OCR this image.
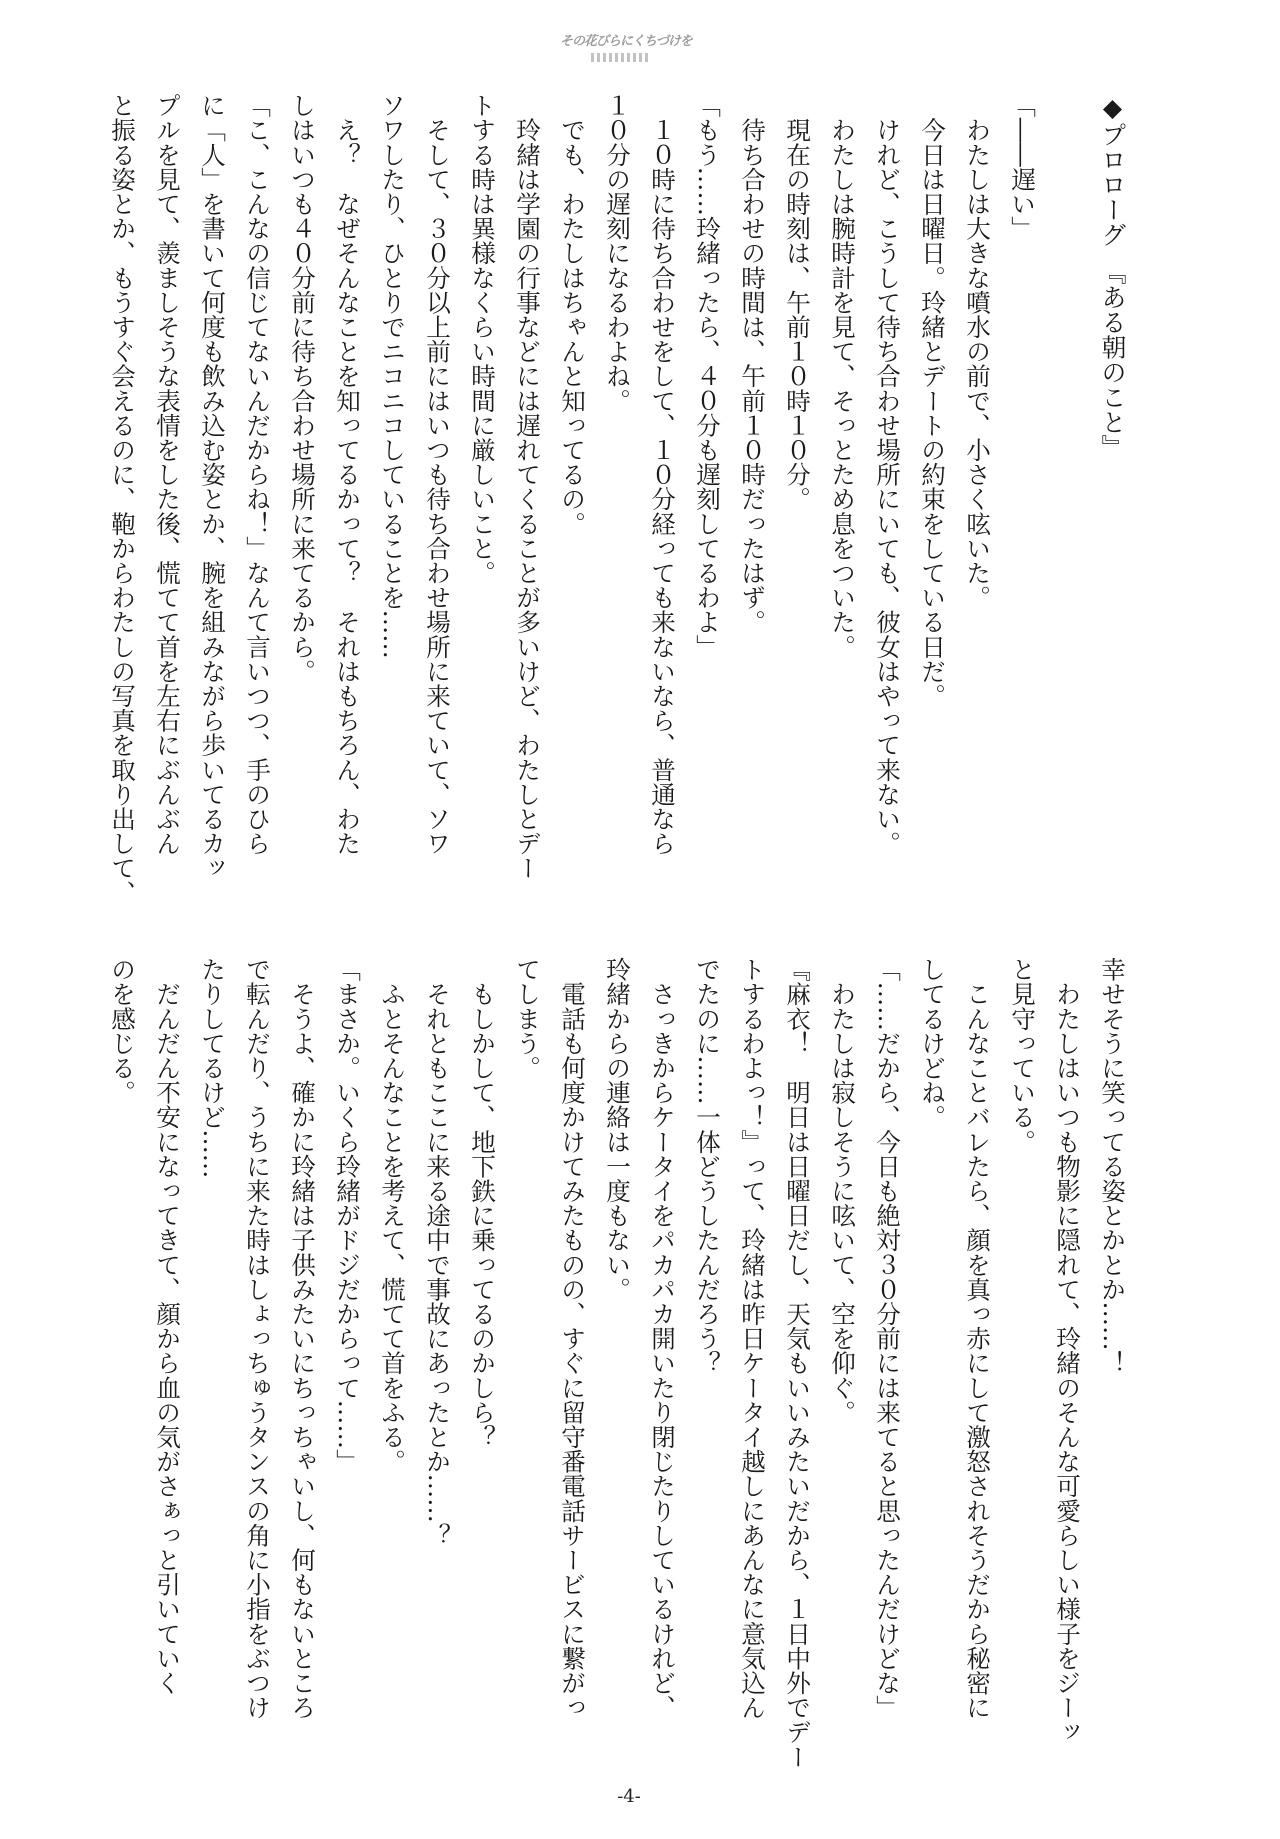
その花びらにくちづけを
◆プロローグ　『ある朝のこと』
「――遅い」
　わたしは大きな噴水の前で、小さく呟いた。
　今日は日曜日。玲緒とデートの約束をしている日だ。
　けれど、こうして待ち合わせ場所にいても、彼女はやって来ない。
　わたしは腕時計を見て、そっとため息をついた。
　現在の時刻は、午前１０時１０分。
　待ち合わせの時間は、午前１０時だったはず。
「もう……玲緒ったら、４０分も遅刻してるわよ」
　１０時に待ち合わせをして、１０分経っても来ないなら、普通なら
１０分の遅刻になるわよね。
　でも、わたしはちゃんと知ってるの。
　玲緒は学園の行事などには遅れてくることが多いけど、わたしとデー
トする時は異様なくらい時間に厳しいこと。
　そして、３０分以上前にはいつも待ち合わせ場所に来ていて、ソワ
ソワしたり、ひとりでニコニコしていることを……
　え？　なぜそんなことを知ってるかって？　それはもちろん、わた
しはいつも４０分前に待ち合わせ場所に来てるから。
「こ、こんなの信じてないんだからね！」なんて言いつつ、手のひら
に「人」を書いて何度も飲み込む姿とか、腕を組みながら歩いてるカッ
プルを見て、羨ましそうな表情をした後、慌てて首を左右にぶんぶん
と振る姿とか、もうすぐ会えるのに、鞄からわたしの写真を取り出して、
幸せそうに笑ってる姿とかとか……！
　わたしはいつも物影に隠れて、玲緒のそんな可愛らしい様子をジーッ
と見守っている。
　こんなことバレたら、顔を真っ赤にして激怒されそうだから秘密に
してるけどね。
「……だから、今日も絶対３０分前には来てると思ったんだけどな」
　わたしは寂しそうに呟いて、空を仰ぐ。
『麻衣！　明日は日曜日だし、天気もいいみたいだから、１日中外でデー
トするわよっ！』って、玲緒は昨日ケータイ越しにあんなに意気込ん
でたのに……一体どうしたんだろう？
　さっきからケータイをパカパカ開いたり閉じたりしているけれど、
玲緒からの連絡は一度もない。
　電話も何度かけてみたものの、すぐに留守番電話サービスに繋がっ
てしまう。
　もしかして、地下鉄に乗ってるのかしら？
　それともここに来る途中で事故にあったとか……？
　ふとそんなことを考えて、慌てて首をふる。
「まさか。いくら玲緒がドジだからって……」
　そうよ、確かに玲緒は子供みたいにちっちゃいし、何もないところ
で転んだり、うちに来た時はしょっちゅうタンスの角に小指をぶつけ
たりしてるけど……
　だんだん不安になってきて、顔から血の気がさぁっと引いていく
のを感じる。
-4-
